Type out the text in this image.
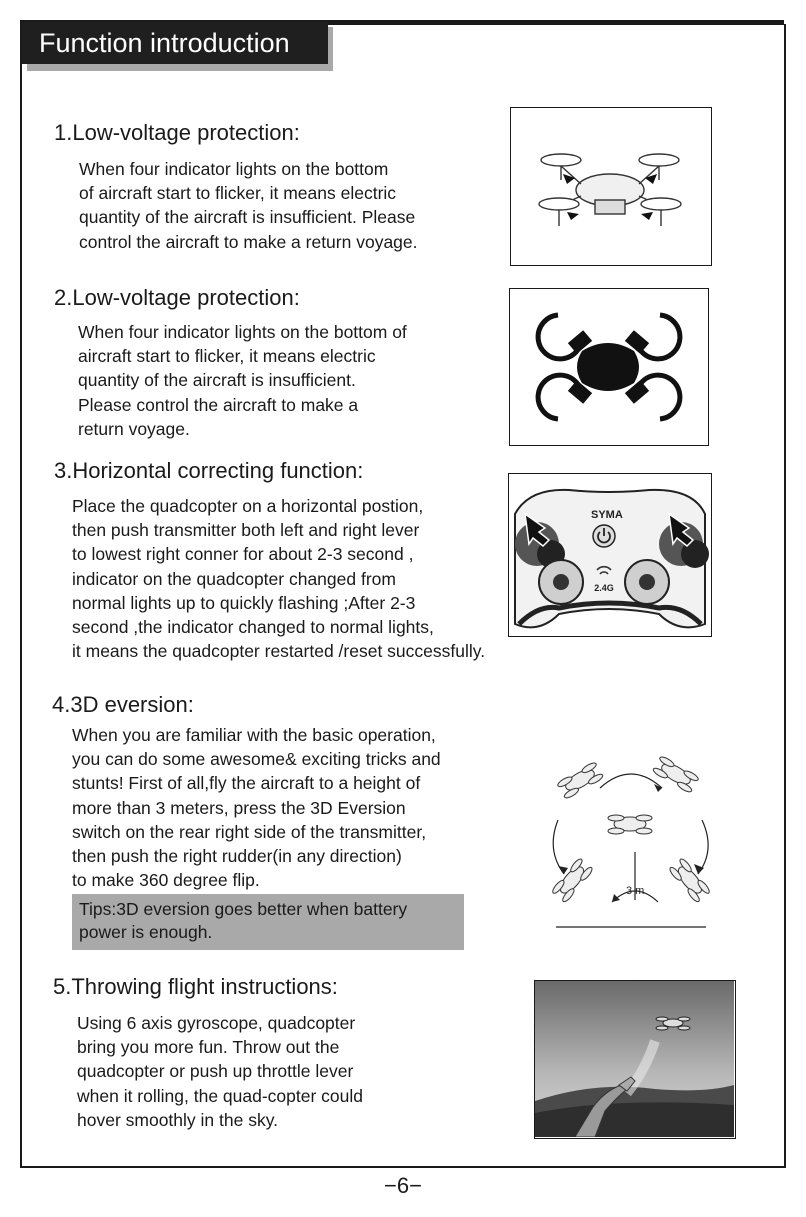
Function introduction
1.Low-voltage protection:

When four indicator lights on the bottom
of aircraft start to flicker, it means electric
quantity of the aircraft is insufficient. Please
control the aircraft to make a return voyage.

2.Low-voltage protection:

When four indicator lights on the bottom of
aircraft start to flicker, it means electric
quantity of the aircraft is insufficient.
Please control the aircraft to make a
return voyage.

3.Horizontal correcting function:

Place the quadcopter on a horizontal postion,
then push transmitter both left and right lever
to lowest right conner for about 2-3 second ,
indicator on the quadcopter changed from
normal lights up to quickly flashing ;After 2-3
second ,the indicator changed to normal lights,
it means the quadcopter restarted /reset successfully.

SYMA
2.4G
4.3D eversion:

When you are familiar with the basic operation,
you can do some awesome& exciting tricks and
stunts! First of all,fly the aircraft to a height of
more than 3 meters, press the 3D Eversion
switch on the rear right side of the transmitter,
then push the right rudder(in any direction)
to make 360 degree flip.

Tips:3D eversion goes better when battery
power is enough.
3 m
5.Throwing flight instructions:

Using 6 axis gyroscope, quadcopter
bring you more fun. Throw out the
quadcopter or push up throttle lever
when it rolling, the quad-copter could
hover smoothly in the sky.

−6−
